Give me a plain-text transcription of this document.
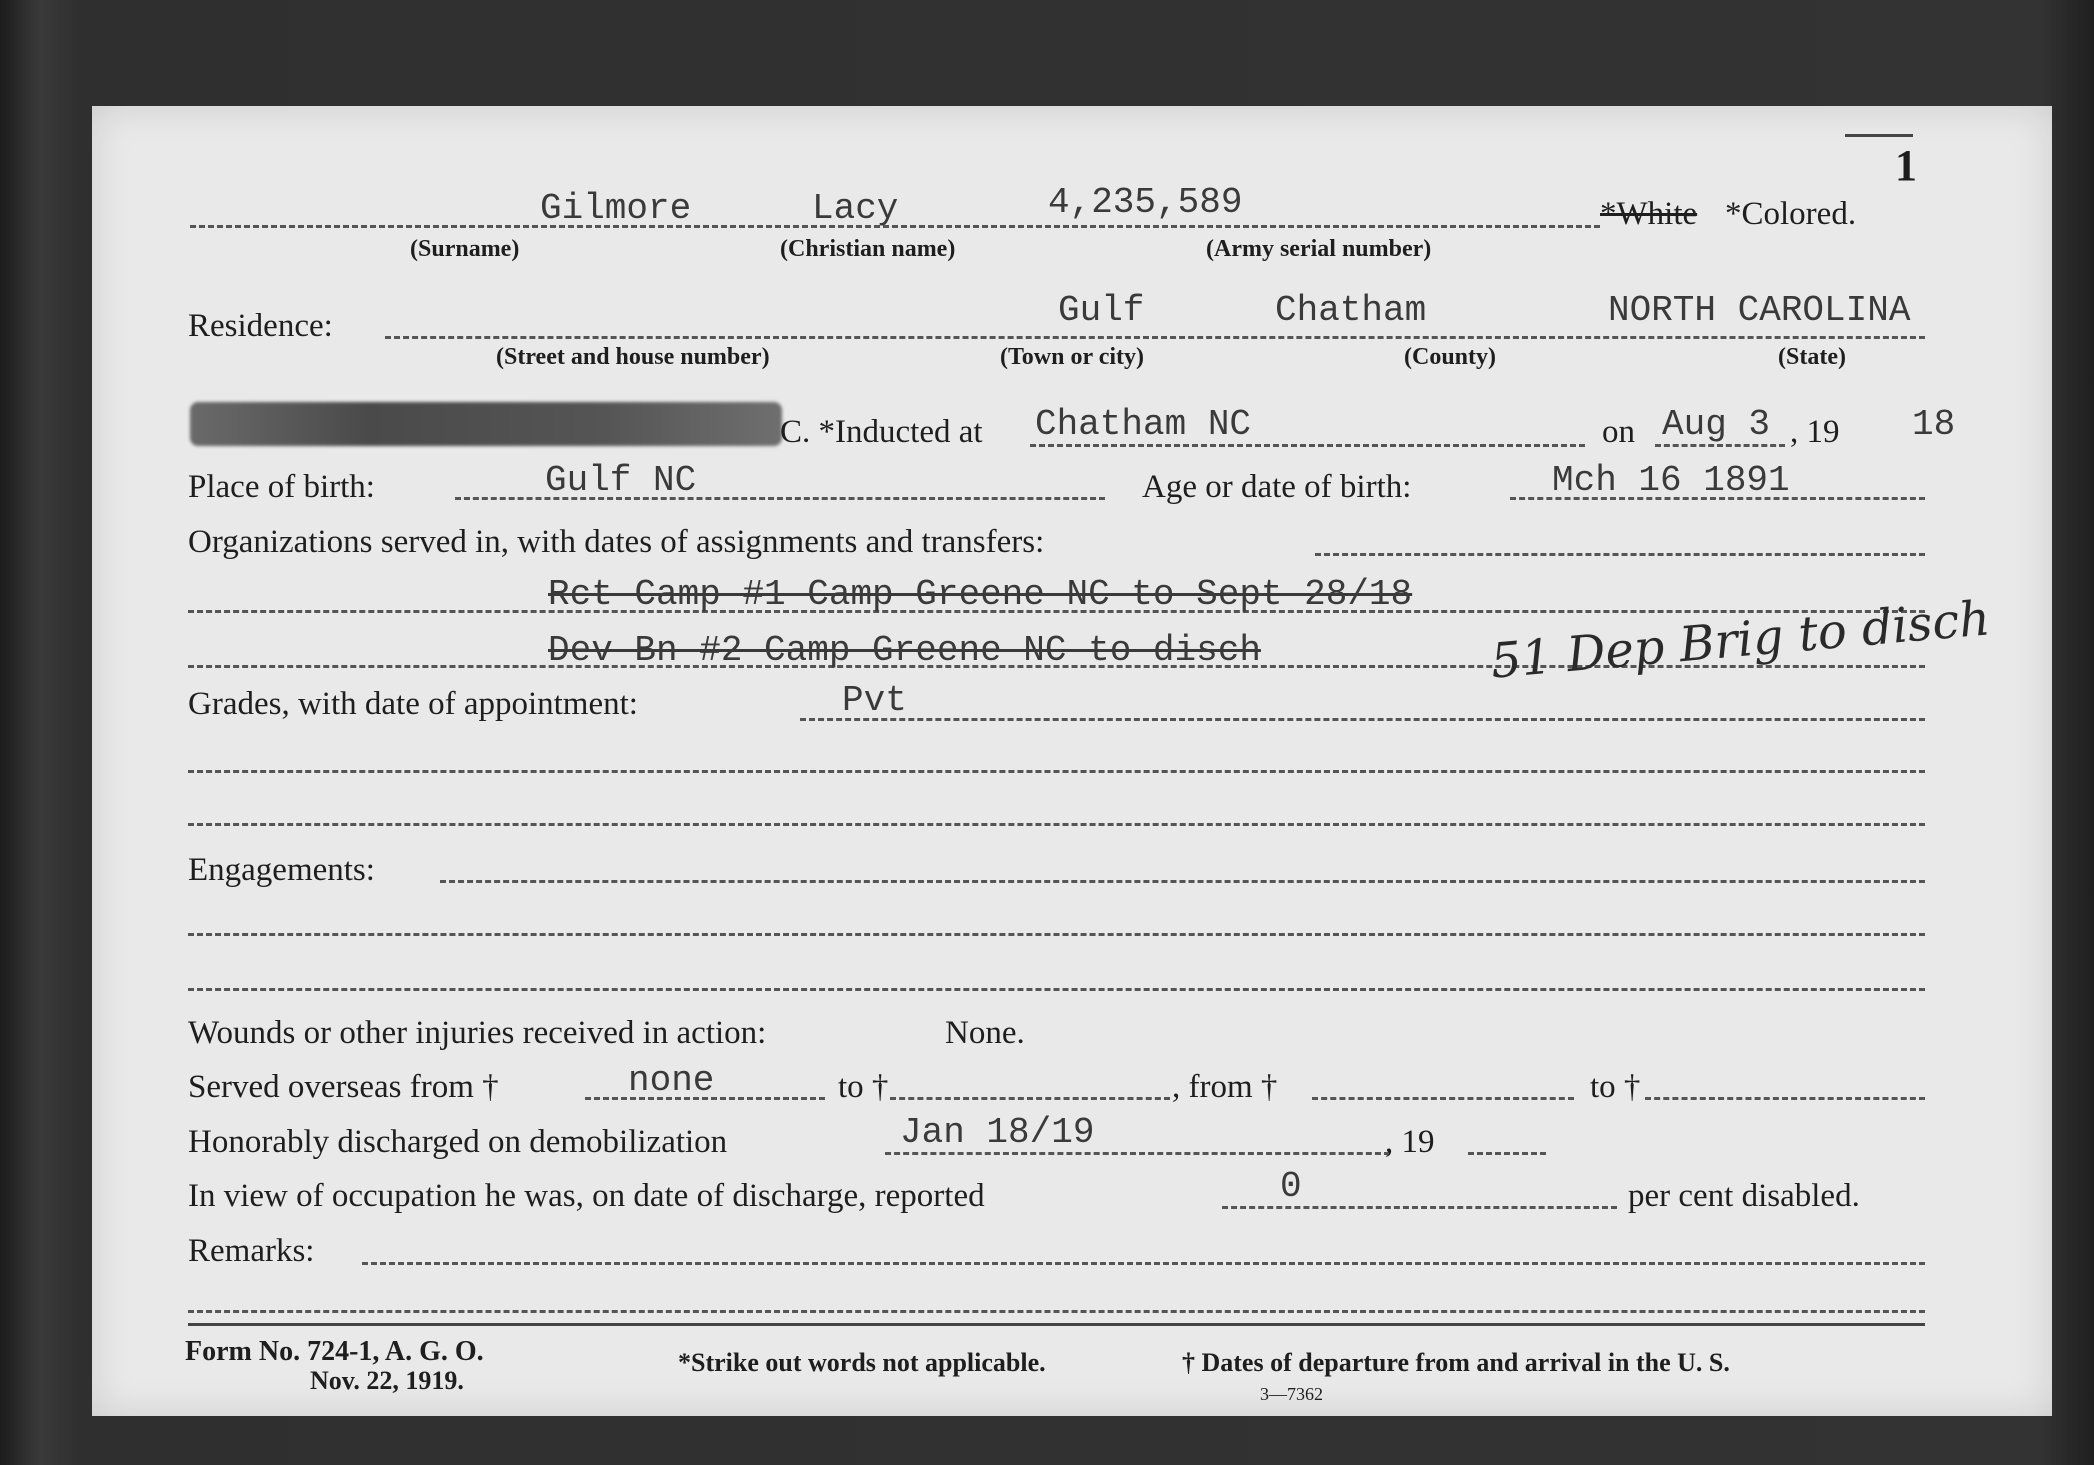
1
Gilmore	Lacy	4,235,589	*White *Colored.
(Surname)	(Christian name)	(Army serial number)
Residence:	Gulf	Chatham	NORTH CAROLINA
(Street and house number)	(Town or city)	(County)	(State)
C. *Inducted at Chatham NC	on Aug 3 , 19 18
Place of birth:	Gulf NC	Age or date of birth:	Mch 16 1891
Organizations served in, with dates of assignments and transfers:
Rct Camp #1 Camp Greene NC to Sept 28/18
Dev Bn #2 Camp Greene NC to disch	51 Dep Brig to disch
Grades, with date of appointment:	Pvt
Engagements:
Wounds or other injuries received in action:	None.
Served overseas from †	none	to †	, from †	to †
Honorably discharged on demobilization	Jan 18/19	, 19
In view of occupation he was, on date of discharge, reported	0	per cent disabled.
Remarks:
Form No. 724-1, A. G. O.
Nov. 22, 1919.
*Strike out words not applicable.	† Dates of departure from and arrival in the U. S.
3—7362
